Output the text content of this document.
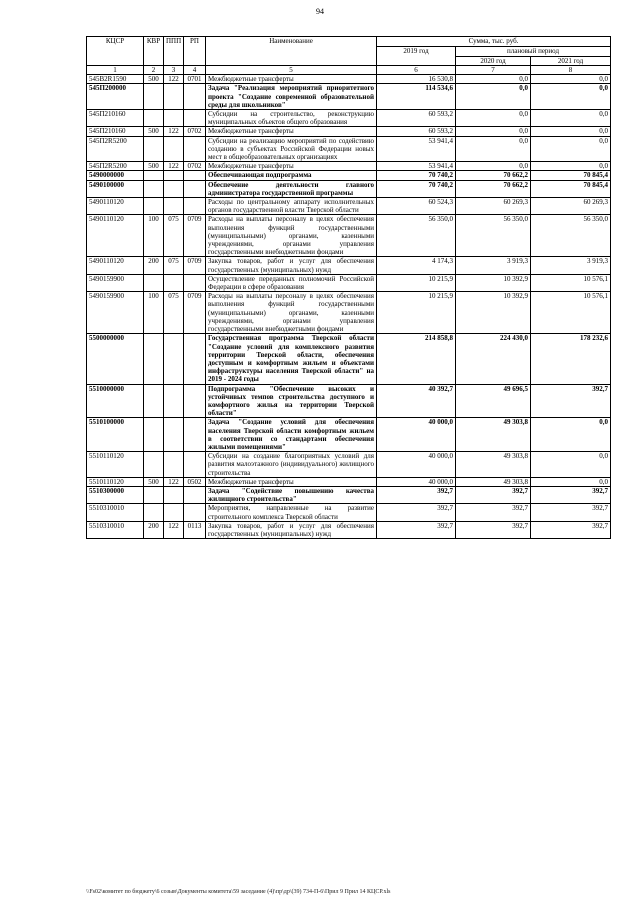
94
КЦСР	КВР	ППП	РП	Наименование	Сумма, тыс. руб.		
					2019 год	плановый период	
						2020 год	2021 год
1	2	3	4	5	6	7	8
545В2R1590	500	122	0701	Межбюджетные трансферты	16 530,8	0,0	0,0
545П200000				Задача "Реализация мероприятий приоритетного проекта "Создание современной образовательной среды для школьников"	114 534,6	0,0	0,0
545П210160				Субсидии на строительство, реконструкцию муниципальных объектов общего образования	60 593,2	0,0	0,0
545П210160	500	122	0702	Межбюджетные трансферты	60 593,2	0,0	0,0
545П2R5200				Субсидии на реализацию мероприятий по содействию созданию в субъектах Российской Федерации новых мест в общеобразовательных организациях	53 941,4	0,0	0,0
545П2R5200	500	122	0702	Межбюджетные трансферты	53 941,4	0,0	0,0
5490000000				Обеспечивающая подпрограмма	70 740,2	70 662,2	70 845,4
5490100000				Обеспечение деятельности главного администратора государственной программы	70 740,2	70 662,2	70 845,4
5490110120				Расходы по центральному аппарату исполнительных органов государственной власти Тверской области	60 524,3	60 269,3	60 269,3
5490110120	100	075	0709	Расходы на выплаты персоналу в целях обеспечения выполнения функций государственными (муниципальными) органами, казенными учреждениями, органами управления государственными внебюджетными фондами	56 350,0	56 350,0	56 350,0
5490110120	200	075	0709	Закупка товаров, работ и услуг для обеспечения государственных (муниципальных) нужд	4 174,3	3 919,3	3 919,3
5490159900				Осуществление переданных полномочий Российской Федерации в сфере образования	10 215,9	10 392,9	10 576,1
5490159900	100	075	0709	Расходы на выплаты персоналу в целях обеспечения выполнения функций государственными (муниципальными) органами, казенными учреждениями, органами управления государственными внебюджетными фондами	10 215,9	10 392,9	10 576,1
5500000000				Государственная программа Тверской области "Создание условий для комплексного развития территории Тверской области, обеспечения доступным и комфортным жильем и объектами инфраструктуры населения Тверской области" на 2019 - 2024 годы	214 858,8	224 430,0	178 232,6
5510000000				Подпрограмма "Обеспечение высоких и устойчивых темпов строительства доступного и комфортного жилья на территории Тверской области"	40 392,7	49 696,5	392,7
5510100000				Задача "Создание условий для обеспечения населения Тверской области комфортным жильем в соответствии со стандартами обеспечения жилыми помещениями"	40 000,0	49 303,8	0,0
5510110120				Субсидии на создание благоприятных условий для развития малоэтажного (индивидуального) жилищного строительства	40 000,0	49 303,8	0,0
5510110120	500	122	0502	Межбюджетные трансферты	40 000,0	49 303,8	0,0
5510300000				Задача "Содействие повышению качества жилищного строительства"	392,7	392,7	392,7
5510310010				Мероприятия, направленные на развитие строительного комплекса Тверской области	392,7	392,7	392,7
5510310010	200	122	0113	Закупка товаров, работ и услуг для обеспечения государственных (муниципальных) нужд	392,7	392,7	392,7
\\Fs02\комитет по бюджету\6 созыв\Документы комитета\59 заседание (4)\пр\др\(39) 734-П-6\Прил 9 Прил 14 КЦСР.xls
